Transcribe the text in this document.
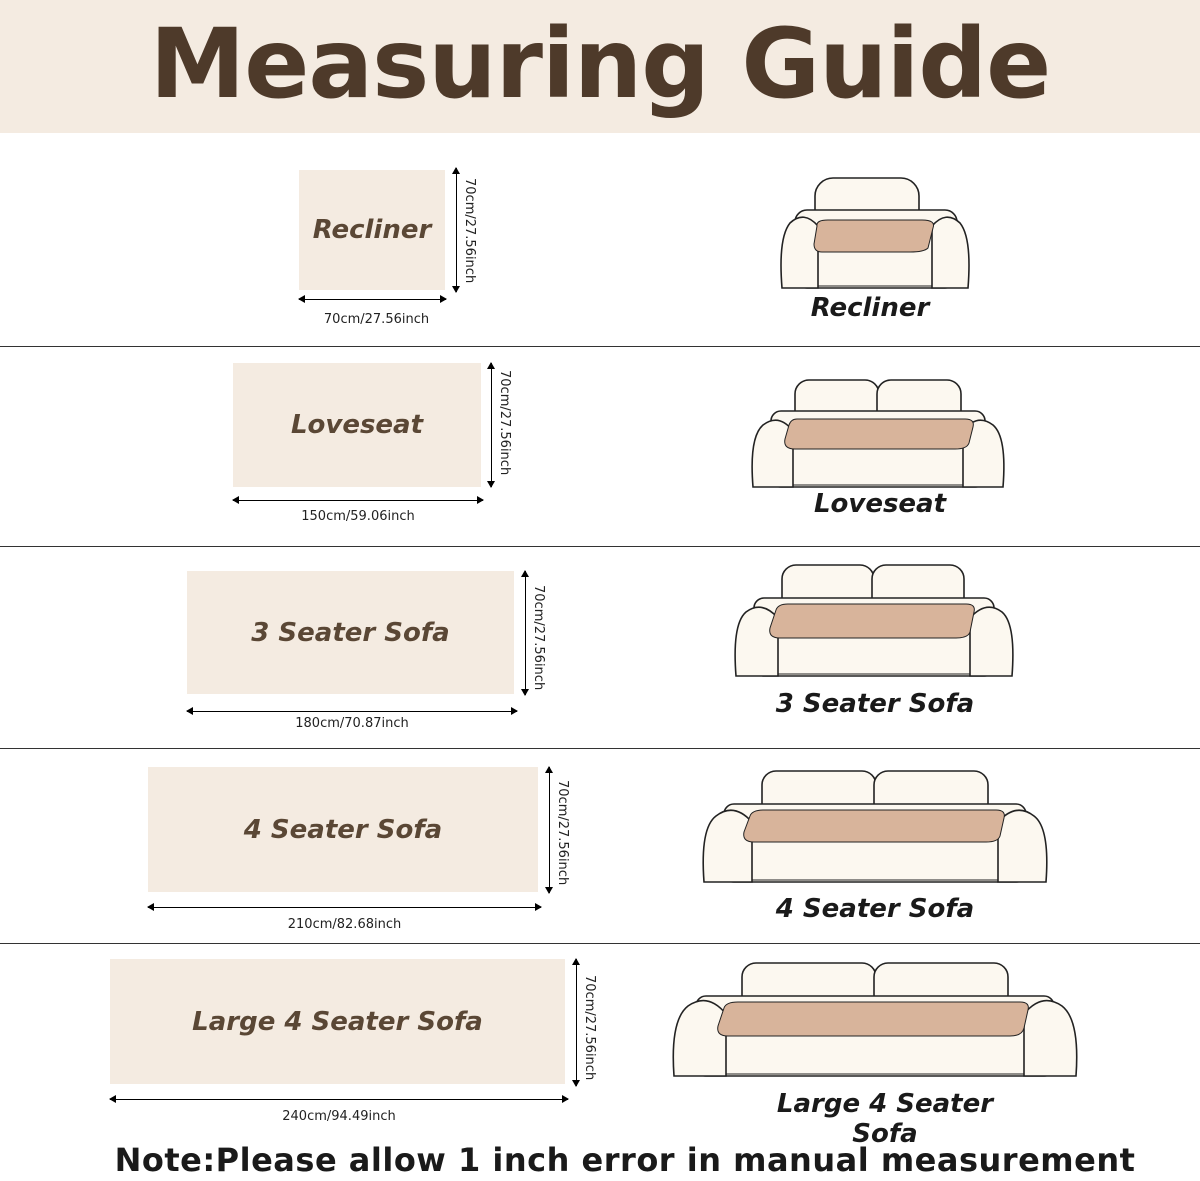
Measuring Guide
Recliner 70cm/27.56inch
70cm/27.56inch	Recliner
Loveseat	70cm/27.56inch
150cm/59.06inch	Loveseat
3 Seater Sofa	70cm/27.56inch
180cm/70.87inch
3 Seater Sofa
4 Seater Sofa	70cm/27.56inch
210cm/82.68inch
4 Seater Sofa
Large 4 Seater Sofa	70cm/27.56inch
240cm/94.49inch	Large 4 Seater Sofa
Note:Please allow 1 inch error in manual measurement
